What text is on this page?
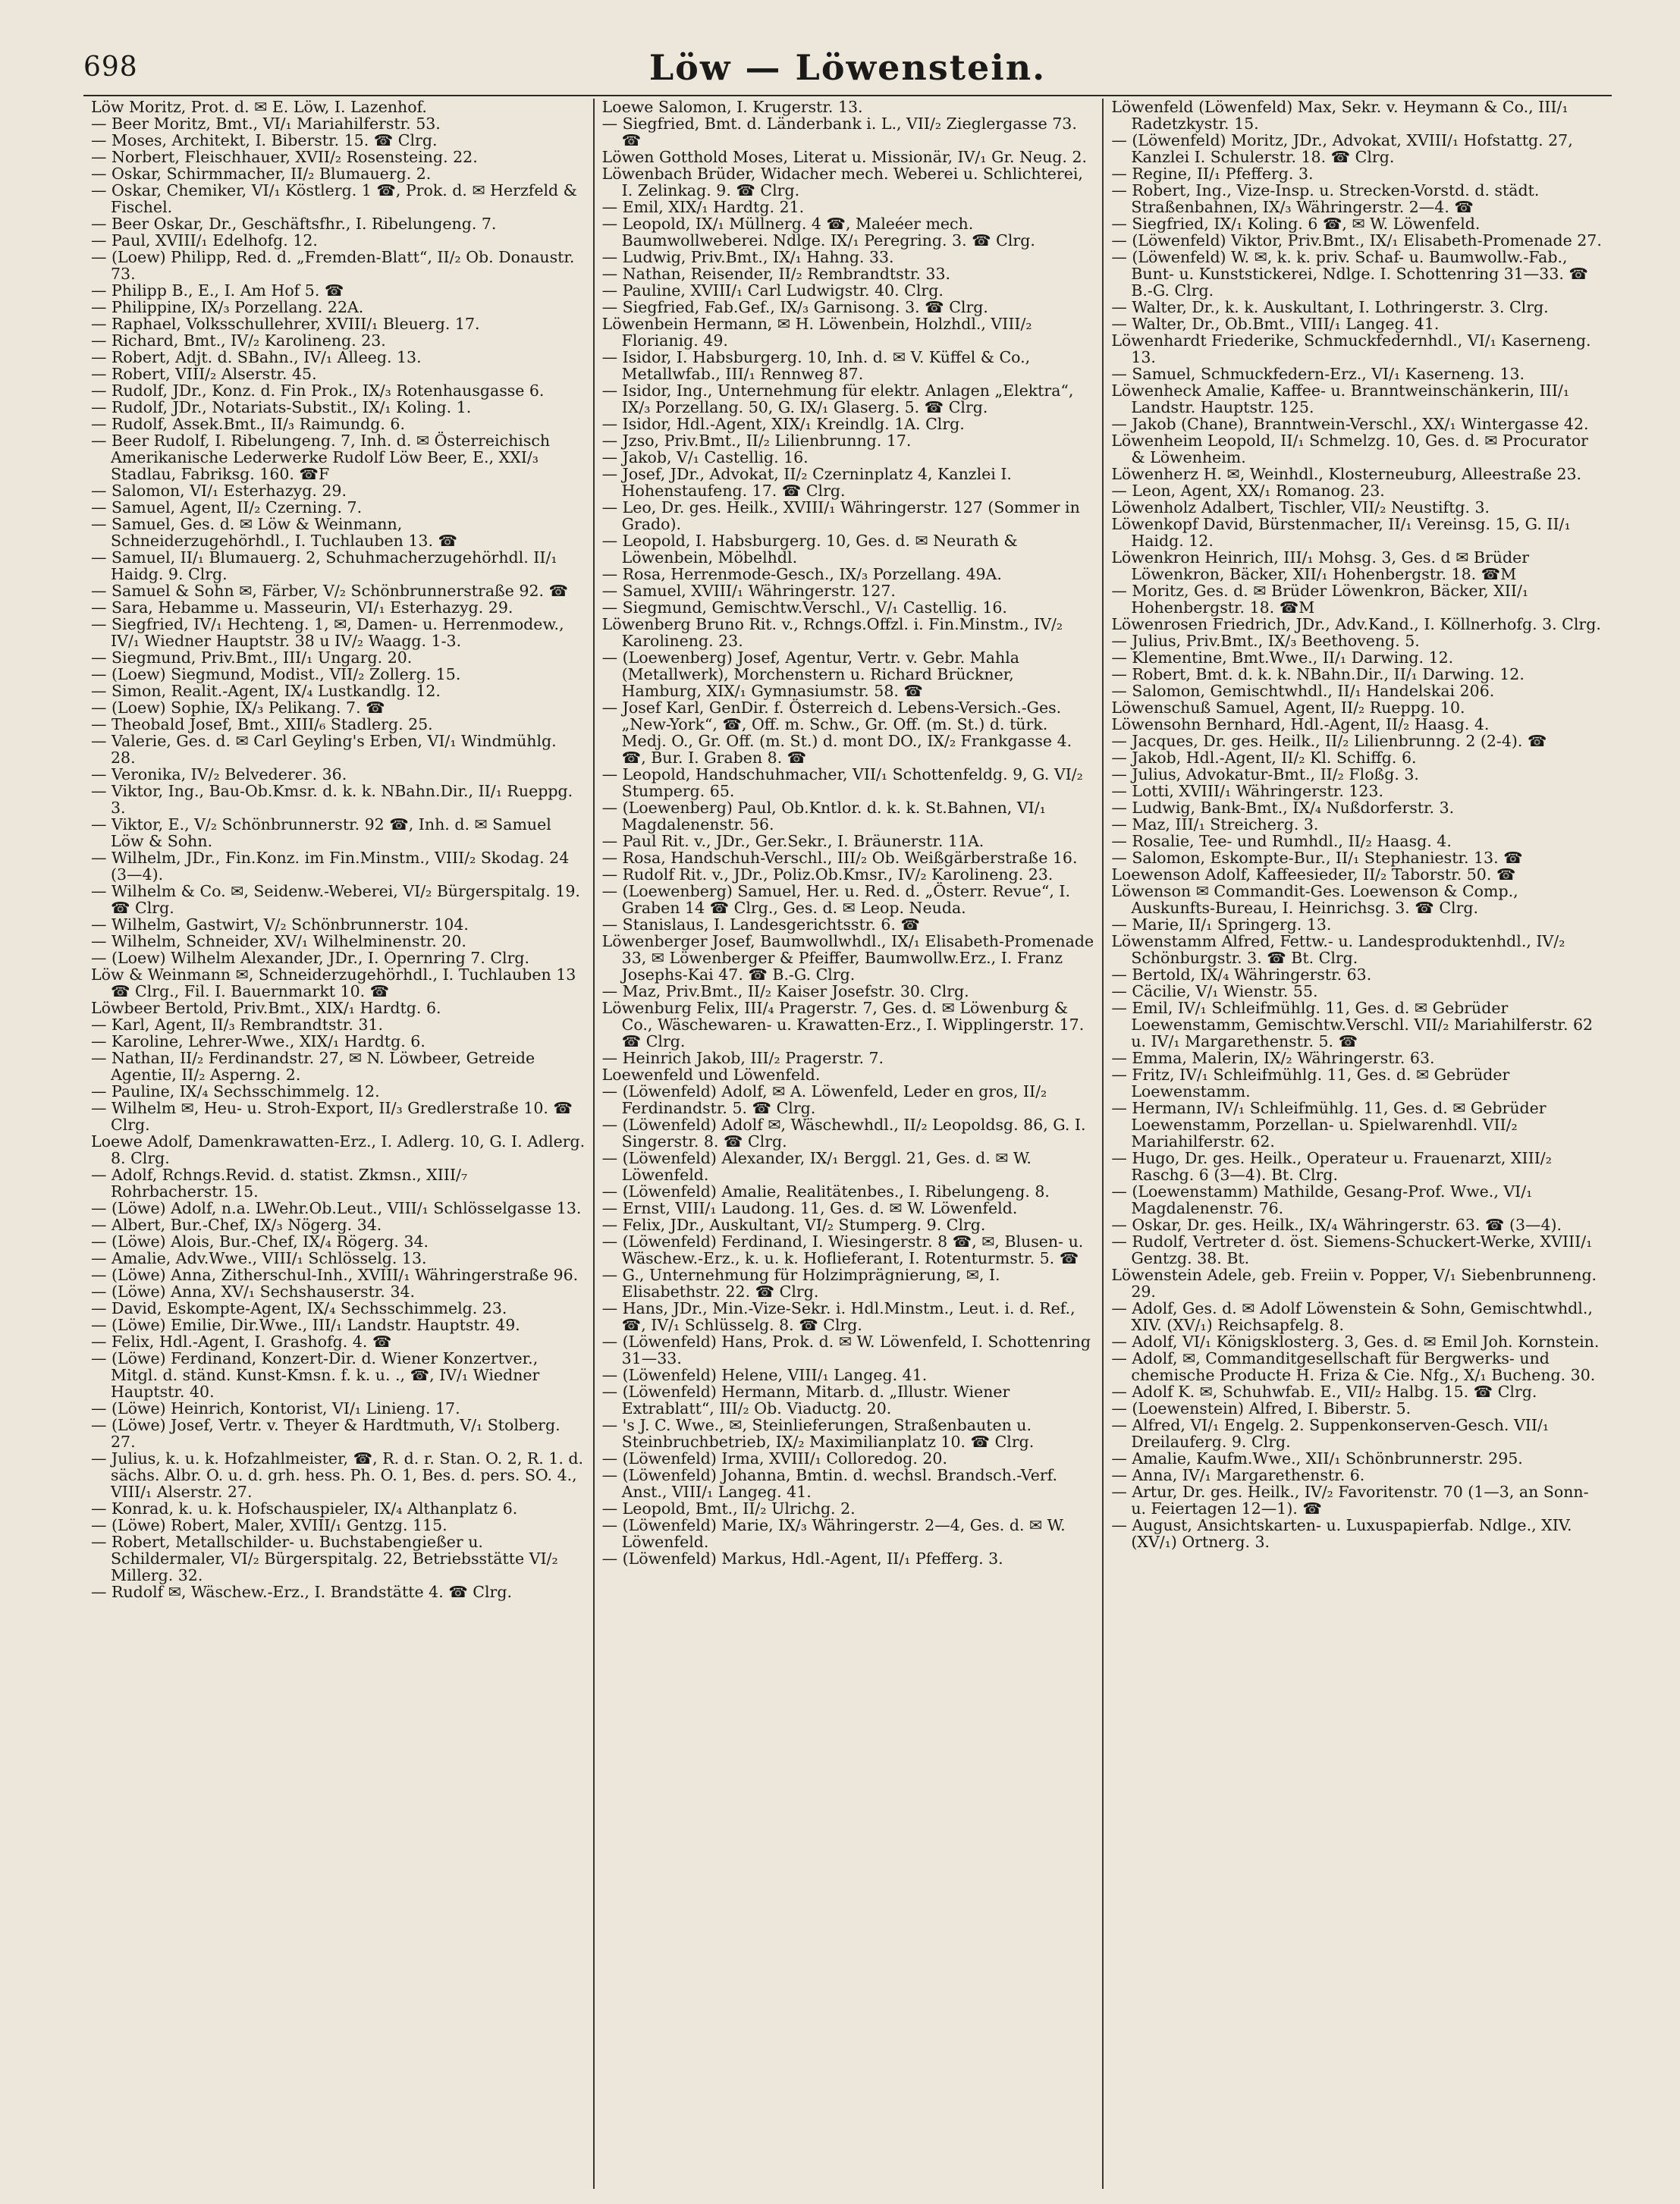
698	Löw — Löwenstein.
Löw Moritz, Prot. d. ✉ E. Löw, I. Lazenhof.
— Beer Moritz, Bmt., VI/₁ Mariahilferstr. 53.
— Moses, Architekt, I. Biberstr. 15. ☎ Clrg.
— Norbert, Fleischhauer, XVII/₂ Rosensteing. 22.
— Oskar, Schirmmacher, II/₂ Blumauerg. 2.
— Oskar, Chemiker, VI/₁ Köstlerg. 1 ☎, Prok. d. ✉ Herzfeld & Fischel.
— Beer Oskar, Dr., Geschäftsfhr., I. Ribelungeng. 7.
— Paul, XVIII/₁ Edelhofg. 12.
— (Loew) Philipp, Red. d. „Fremden-Blatt“, II/₂ Ob. Donaustr. 73.
— Philipp B., E., I. Am Hof 5. ☎
— Philippine, IX/₃ Porzellang. 22A.
— Raphael, Volksschullehrer, XVIII/₁ Bleuerg. 17.
— Richard, Bmt., IV/₂ Karolineng. 23.
— Robert, Adjt. d. SBahn., IV/₁ Alleeg. 13.
— Robert, VIII/₂ Alserstr. 45.
— Rudolf, JDr., Konz. d. Fin Prok., IX/₃ Rotenhausgasse 6.
— Rudolf, JDr., Notariats-Substit., IX/₁ Koling. 1.
— Rudolf, Assek.Bmt., II/₃ Raimundg. 6.
— Beer Rudolf, I. Ribelungeng. 7, Inh. d. ✉ Österreichisch Amerikanische Lederwerke Rudolf Löw Beer, E., XXI/₃ Stadlau, Fabriksg. 160. ☎F
— Salomon, VI/₁ Esterhazyg. 29.
— Samuel, Agent, II/₂ Czerning. 7.
— Samuel, Ges. d. ✉ Löw & Weinmann, Schneiderzugehörhdl., I. Tuchlauben 13. ☎
— Samuel, II/₁ Blumauerg. 2, Schuhmacherzugehörhdl. II/₁ Haidg. 9. Clrg.
— Samuel & Sohn ✉, Färber, V/₂ Schönbrunnerstraße 92. ☎
— Sara, Hebamme u. Masseurin, VI/₁ Esterhazyg. 29.
— Siegfried, IV/₁ Hechteng. 1, ✉, Damen- u. Herrenmodew., IV/₁ Wiedner Hauptstr. 38 u IV/₂ Waagg. 1-3.
— Siegmund, Priv.Bmt., III/₁ Ungarg. 20.
— (Loew) Siegmund, Modist., VII/₂ Zollerg. 15.
— Simon, Realit.-Agent, IX/₄ Lustkandlg. 12.
— (Loew) Sophie, IX/₃ Pelikang. 7. ☎
— Theobald Josef, Bmt., XIII/₆ Stadlerg. 25.
— Valerie, Ges. d. ✉ Carl Geyling's Erben, VI/₁ Windmühlg. 28.
— Veronika, IV/₂ Belvederег. 36.
— Viktor, Ing., Bau-Ob.Kmsr. d. k. k. NBahn.Dir., II/₁ Rueppg. 3.
— Viktor, E., V/₂ Schönbrunnerstr. 92 ☎, Inh. d. ✉ Samuel Löw & Sohn.
— Wilhelm, JDr., Fin.Konz. im Fin.Minstm., VIII/₂ Skodag. 24 (3—4).
— Wilhelm & Co. ✉, Seidenw.-Weberei, VI/₂ Bürgerspitalg. 19. ☎ Clrg.
— Wilhelm, Gastwirt, V/₂ Schönbrunnerstr. 104.
— Wilhelm, Schneider, XV/₁ Wilhelminenstr. 20.
— (Loew) Wilhelm Alexander, JDr., I. Opernring 7. Clrg.
Löw & Weinmann ✉, Schneiderzugehörhdl., I. Tuchlauben 13 ☎ Clrg., Fil. I. Bauernmarkt 10. ☎
Löwbeer Bertold, Priv.Bmt., XIX/₁ Hardtg. 6.
— Karl, Agent, II/₃ Rembrandtstr. 31.
— Karoline, Lehrer-Wwe., XIX/₁ Hardtg. 6.
— Nathan, II/₂ Ferdinandstr. 27, ✉ N. Löwbeer, Getreide Agentie, II/₂ Asperng. 2.
— Pauline, IX/₄ Sechsschimmelg. 12.
— Wilhelm ✉, Heu- u. Stroh-Export, II/₃ Gredlerstraße 10. ☎ Clrg.
Loewe Adolf, Damenkrawatten-Erz., I. Adlerg. 10, G. I. Adlerg. 8. Clrg.
— Adolf, Rchngs.Revid. d. statist. Zkmsn., XIII/₇ Rohrbacherstr. 15.
— (Löwe) Adolf, n.a. LWehr.Ob.Leut., VIII/₁ Schlösselgasse 13.
— Albert, Bur.-Chef, IX/₃ Nögerg. 34.
— (Löwe) Alois, Bur.-Chef, IX/₄ Rögerg. 34.
— Amalie, Adv.Wwe., VIII/₁ Schlösselg. 13.
— (Löwe) Anna, Zitherschul-Inh., XVIII/₁ Währingerstraße 96.
— (Löwe) Anna, XV/₁ Sechshauserstr. 34.
— David, Eskompte-Agent, IX/₄ Sechsschimmelg. 23.
— (Löwe) Emilie, Dir.Wwe., III/₁ Landstr. Hauptstr. 49.
— Felix, Hdl.-Agent, I. Grashofg. 4. ☎
— (Löwe) Ferdinand, Konzert-Dir. d. Wiener Konzertver., Mitgl. d. ständ. Kunst-Kmsn. f. k. u. ., ☎, IV/₁ Wiedner Hauptstr. 40.
— (Löwe) Heinrich, Kontorist, VI/₁ Linieng. 17.
— (Löwe) Josef, Vertr. v. Theyer & Hardtmuth, V/₁ Stolberg. 27.
— Julius, k. u. k. Hofzahlmeister, ☎, R. d. r. Stan. O. 2, R. 1. d. sächs. Albr. O. u. d. grh. hess. Ph. O. 1, Bes. d. pers. SO. 4., VIII/₁ Alserstr. 27.
— Konrad, k. u. k. Hofschauspieler, IX/₄ Althanplatz 6.
— (Löwe) Robert, Maler, XVIII/₁ Gentzg. 115.
— Robert, Metallschilder- u. Buchstabengießer u. Schildermaler, VI/₂ Bürgerspitalg. 22, Betriebsstätte VI/₂ Millerg. 32.
— Rudolf ✉, Wäschew.-Erz., I. Brandstätte 4. ☎ Clrg.
Loewe Salomon, I. Krugerstr. 13.
— Siegfried, Bmt. d. Länderbank i. L., VII/₂ Zieglergasse 73. ☎
Löwen Gotthold Moses, Literat u. Missionär, IV/₁ Gr. Neug. 2.
Löwenbach Brüder, Widacher mech. Weberei u. Schlichterei, I. Zelinkag. 9. ☎ Clrg.
— Emil, XIX/₁ Hardtg. 21.
— Leopold, IX/₁ Müllnerg. 4 ☎, Maleéer mech. Baumwollweberei. Ndlge. IX/₁ Peregring. 3. ☎ Clrg.
— Ludwig, Priv.Bmt., IX/₁ Hahng. 33.
— Nathan, Reisender, II/₂ Rembrandtstr. 33.
— Pauline, XVIII/₁ Carl Ludwigstr. 40. Clrg.
— Siegfried, Fab.Gef., IX/₃ Garnisong. 3. ☎ Clrg.
Löwenbein Hermann, ✉ H. Löwenbein, Holzhdl., VIII/₂ Florianig. 49.
— Isidor, I. Habsburgerg. 10, Inh. d. ✉ V. Küffel & Co., Metallwfab., III/₁ Rennweg 87.
— Isidor, Ing., Unternehmung für elektr. Anlagen „Elektra“, IX/₃ Porzellang. 50, G. IX/₁ Glaserg. 5. ☎ Clrg.
— Isidor, Hdl.-Agent, XIX/₁ Kreindlg. 1A. Clrg.
— Jzso, Priv.Bmt., II/₂ Lilienbrunng. 17.
— Jakob, V/₁ Castellig. 16.
— Josef, JDr., Advokat, II/₂ Czerninplatz 4, Kanzlei I. Hohenstaufeng. 17. ☎ Clrg.
— Leo, Dr. ges. Heilk., XVIII/₁ Währingerstr. 127 (Sommer in Grado).
— Leopold, I. Habsburgerg. 10, Ges. d. ✉ Neurath & Löwenbein, Möbelhdl.
— Rosa, Herrenmode-Gesch., IX/₃ Porzellang. 49A.
— Samuel, XVIII/₁ Währingerstr. 127.
— Siegmund, Gemischtw.Verschl., V/₁ Castellig. 16.
Löwenberg Bruno Rit. v., Rchngs.Offzl. i. Fin.Minstm., IV/₂ Karolineng. 23.
— (Loewenberg) Josef, Agentur, Vertr. v. Gebr. Mahla (Metallwerk), Morchenstern u. Richard Brückner, Hamburg, XIX/₁ Gymnasiumstr. 58. ☎
— Josef Karl, GenDir. f. Österreich d. Lebens-Versich.-Ges. „New-York“, ☎, Off. m. Schw., Gr. Off. (m. St.) d. türk. Medj. O., Gr. Off. (m. St.) d. mont DO., IX/₂ Frankgasse 4. ☎, Bur. I. Graben 8. ☎
— Leopold, Handschuhmacher, VII/₁ Schottenfeldg. 9, G. VI/₂ Stumperg. 65.
— (Loewenberg) Paul, Ob.Kntlor. d. k. k. St.Bahnen, VI/₁ Magdalenenstr. 56.
— Paul Rit. v., JDr., Ger.Sekr., I. Bräunerstr. 11A.
— Rosa, Handschuh-Verschl., III/₂ Ob. Weißgärberstraße 16.
— Rudolf Rit. v., JDr., Poliz.Ob.Kmsr., IV/₂ Karolineng. 23.
— (Loewenberg) Samuel, Her. u. Red. d. „Österr. Revue“, I. Graben 14 ☎ Clrg., Ges. d. ✉ Leop. Neuda.
— Stanislaus, I. Landesgerichtsstr. 6. ☎
Löwenberger Josef, Baumwollwhdl., IX/₁ Elisabeth-Promenade 33, ✉ Löwenberger & Pfeiffer, Baumwollw.Erz., I. Franz Josephs-Kai 47. ☎ B.-G. Clrg.
— Maz, Priv.Bmt., II/₂ Kaiser Josefstr. 30. Clrg.
Löwenburg Felix, III/₄ Pragerstr. 7, Ges. d. ✉ Löwenburg & Co., Wäschewaren- u. Krawatten-Erz., I. Wipplingerstr. 17. ☎ Clrg.
— Heinrich Jakob, III/₂ Pragerstr. 7.
Loewenfeld und Löwenfeld.
— (Löwenfeld) Adolf, ✉ A. Löwenfeld, Leder en gros, II/₂ Ferdinandstr. 5. ☎ Clrg.
— (Löwenfeld) Adolf ✉, Wäschewhdl., II/₂ Leopoldsg. 86, G. I. Singerstr. 8. ☎ Clrg.
— (Löwenfeld) Alexander, IX/₁ Berggl. 21, Ges. d. ✉ W. Löwenfeld.
— (Löwenfeld) Amalie, Realitätenbes., I. Ribelungeng. 8.
— Ernst, VIII/₁ Laudong. 11, Ges. d. ✉ W. Löwenfeld.
— Felix, JDr., Auskultant, VI/₂ Stumperg. 9. Clrg.
— (Löwenfeld) Ferdinand, I. Wiesingerstr. 8 ☎, ✉, Blusen- u. Wäschew.-Erz., k. u. k. Hoflieferant, I. Rotenturmstr. 5. ☎
— G., Unternehmung für Holzimprägnierung, ✉, I. Elisabethstr. 22. ☎ Clrg.
— Hans, JDr., Min.-Vize-Sekr. i. Hdl.Minstm., Leut. i. d. Ref., ☎, IV/₁ Schlüsselg. 8. ☎ Clrg.
— (Löwenfeld) Hans, Prok. d. ✉ W. Löwenfeld, I. Schottenring 31—33.
— (Löwenfeld) Helene, VIII/₁ Langeg. 41.
— (Löwenfeld) Hermann, Mitarb. d. „Illustr. Wiener Extrablatt“, III/₂ Ob. Viaductg. 20.
— 's J. C. Wwe., ✉, Steinlieferungen, Straßenbauten u. Steinbruchbetrieb, IX/₂ Maximilianplatz 10. ☎ Clrg.
— (Löwenfeld) Irma, XVIII/₁ Colloredog. 20.
— (Löwenfeld) Johanna, Bmtin. d. wechsl. Brandsch.-Verf. Anst., VIII/₁ Langeg. 41.
— Leopold, Bmt., II/₂ Ulrichg. 2.
— (Löwenfeld) Marie, IX/₃ Währingerstr. 2—4, Ges. d. ✉ W. Löwenfeld.
— (Löwenfeld) Markus, Hdl.-Agent, II/₁ Pfefferg. 3.
Löwenfeld (Löwenfeld) Max, Sekr. v. Heymann & Co., III/₁ Radetzkystr. 15.
— (Löwenfeld) Moritz, JDr., Advokat, XVIII/₁ Hofstattg. 27, Kanzlei I. Schulerstr. 18. ☎ Clrg.
— Regine, II/₁ Pfefferg. 3.
— Robert, Ing., Vize-Insp. u. Strecken-Vorstd. d. städt. Straßenbahnen, IX/₃ Währingerstr. 2—4. ☎
— Siegfried, IX/₁ Koling. 6 ☎, ✉ W. Löwenfeld.
— (Löwenfeld) Viktor, Priv.Bmt., IX/₁ Elisabeth-Promenade 27.
— (Löwenfeld) W. ✉, k. k. priv. Schaf- u. Baumwollw.-Fab., Bunt- u. Kunststickerei, Ndlge. I. Schottenring 31—33. ☎ B.-G. Clrg.
— Walter, Dr., k. k. Auskultant, I. Lothringerstr. 3. Clrg.
— Walter, Dr., Ob.Bmt., VIII/₁ Langeg. 41.
Löwenhardt Friederike, Schmuckfedernhdl., VI/₁ Kaserneng. 13.
— Samuel, Schmuckfedern-Erz., VI/₁ Kaserneng. 13.
Löwenheck Amalie, Kaffee- u. Branntweinschänkerin, III/₁ Landstr. Hauptstr. 125.
— Jakob (Chane), Branntwein-Verschl., XX/₁ Wintergasse 42.
Löwenheim Leopold, II/₁ Schmelzg. 10, Ges. d. ✉ Procurator & Löwenheim.
Löwenherz H. ✉, Weinhdl., Klosterneuburg, Alleestraße 23.
— Leon, Agent, XX/₁ Romanog. 23.
Löwenholz Adalbert, Tischler, VII/₂ Neustiftg. 3.
Löwenkopf David, Bürstenmacher, II/₁ Vereinsg. 15, G. II/₁ Haidg. 12.
Löwenkron Heinrich, III/₁ Mohsg. 3, Ges. d ✉ Brüder Löwenkron, Bäcker, XII/₁ Hohenbergstr. 18. ☎M
— Moritz, Ges. d. ✉ Brüder Löwenkron, Bäcker, XII/₁ Hohenbergstr. 18. ☎M
Löwenrosen Friedrich, JDr., Adv.Kand., I. Köllnerhofg. 3. Clrg.
— Julius, Priv.Bmt., IX/₃ Beethoveng. 5.
— Klementine, Bmt.Wwe., II/₁ Darwing. 12.
— Robert, Bmt. d. k. k. NBahn.Dir., II/₁ Darwing. 12.
— Salomon, Gemischtwhdl., II/₁ Handelskai 206.
Löwenschuß Samuel, Agent, II/₂ Rueppg. 10.
Löwensohn Bernhard, Hdl.-Agent, II/₂ Haasg. 4.
— Jacques, Dr. ges. Heilk., II/₂ Lilienbrunng. 2 (2-4). ☎
— Jakob, Hdl.-Agent, II/₂ Kl. Schiffg. 6.
— Julius, Advokatur-Bmt., II/₂ Floßg. 3.
— Lotti, XVIII/₁ Währingerstr. 123.
— Ludwig, Bank-Bmt., IX/₄ Nußdorferstr. 3.
— Maz, III/₁ Streicherg. 3.
— Rosalie, Tee- und Rumhdl., II/₂ Haasg. 4.
— Salomon, Eskompte-Bur., II/₁ Stephaniestr. 13. ☎
Loewenson Adolf, Kaffeesieder, II/₂ Taborstr. 50. ☎
Löwenson ✉ Commandit-Ges. Loewenson & Comp., Auskunfts-Bureau, I. Heinrichsg. 3. ☎ Clrg.
— Marie, II/₁ Springerg. 13.
Löwenstamm Alfred, Fettw.- u. Landesproduktenhdl., IV/₂ Schönburgstr. 3. ☎ Bt. Clrg.
— Bertold, IX/₄ Währingerstr. 63.
— Cäcilie, V/₁ Wienstr. 55.
— Emil, IV/₁ Schleifmühlg. 11, Ges. d. ✉ Gebrüder Loewenstamm, Gemischtw.Verschl. VII/₂ Mariahilferstr. 62 u. IV/₁ Margarethenstr. 5. ☎
— Emma, Malerin, IX/₂ Währingerstr. 63.
— Fritz, IV/₁ Schleifmühlg. 11, Ges. d. ✉ Gebrüder Loewenstamm.
— Hermann, IV/₁ Schleifmühlg. 11, Ges. d. ✉ Gebrüder Loewenstamm, Porzellan- u. Spielwarenhdl. VII/₂ Mariahilferstr. 62.
— Hugo, Dr. ges. Heilk., Operateur u. Frauenarzt, XIII/₂ Raschg. 6 (3—4). Bt. Clrg.
— (Loewenstamm) Mathilde, Gesang-Prof. Wwe., VI/₁ Magdalenenstr. 76.
— Oskar, Dr. ges. Heilk., IX/₄ Währingerstr. 63. ☎ (3—4).
— Rudolf, Vertreter d. öst. Siemens-Schuckert-Werke, XVIII/₁ Gentzg. 38. Bt.
Löwenstein Adele, geb. Freiin v. Popper, V/₁ Siebenbrunneng. 29.
— Adolf, Ges. d. ✉ Adolf Löwenstein & Sohn, Gemischtwhdl., XIV. (XV/₁) Reichsapfelg. 8.
— Adolf, VI/₁ Königsklosterg. 3, Ges. d. ✉ Emil Joh. Kornstein.
— Adolf, ✉, Commanditgesellschaft für Bergwerks- und chemische Producte H. Friza & Cie. Nfg., X/₁ Bucheng. 30.
— Adolf K. ✉, Schuhwfab. E., VII/₂ Halbg. 15. ☎ Clrg.
— (Loewenstein) Alfred, I. Biberstr. 5.
— Alfred, VI/₁ Engelg. 2. Suppenkonserven-Gesch. VII/₁ Dreilauferg. 9. Clrg.
— Amalie, Kaufm.Wwe., XII/₁ Schönbrunnerstr. 295.
— Anna, IV/₁ Margarethenstr. 6.
— Artur, Dr. ges. Heilk., IV/₂ Favoritenstr. 70 (1—3, an Sonn- u. Feiertagen 12—1). ☎
— August, Ansichtskarten- u. Luxuspapierfab. Ndlge., XIV. (XV/₁) Ortnerg. 3.
